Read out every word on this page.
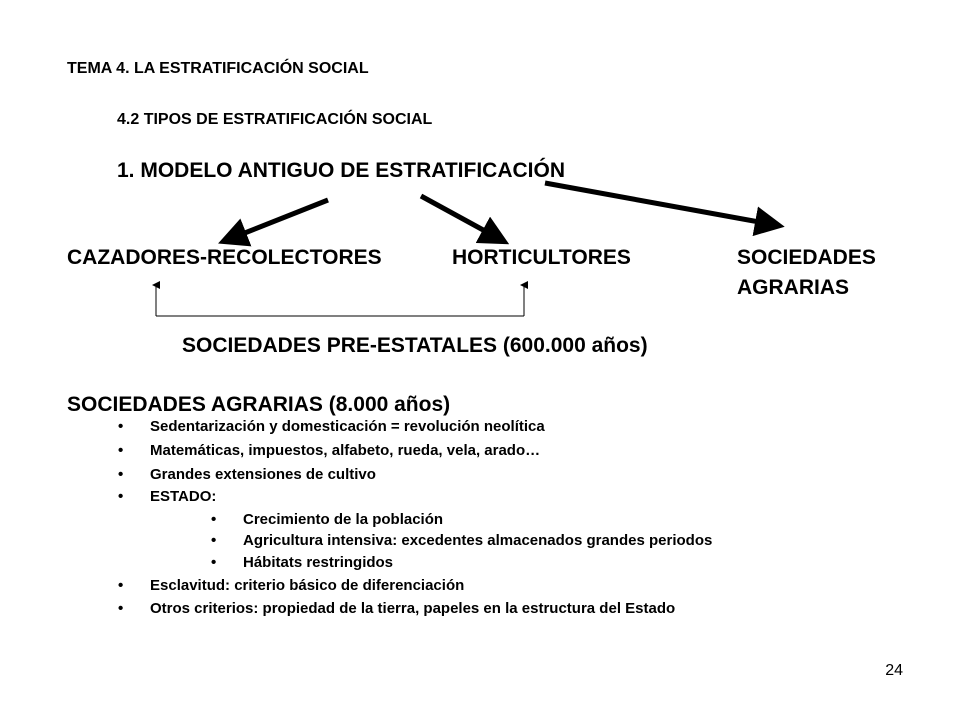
TEMA 4. LA ESTRATIFICACIÓN SOCIAL
4.2 TIPOS DE ESTRATIFICACIÓN SOCIAL
1. MODELO ANTIGUO DE ESTRATIFICACIÓN
CAZADORES-RECOLECTORES	HORTICULTORES	SOCIEDADES
AGRARIAS
SOCIEDADES PRE-ESTATALES (600.000 años)
SOCIEDADES AGRARIAS (8.000 años)
• Sedentarización y domesticación = revolución neolítica
• Matemáticas, impuestos, alfabeto, rueda, vela, arado…
• Grandes extensiones de cultivo
• ESTADO:
• Crecimiento de la población
• Agricultura intensiva: excedentes almacenados grandes periodos
• Hábitats restringidos
• Esclavitud: criterio básico de diferenciación
• Otros criterios: propiedad de la tierra, papeles en la estructura del Estado
24
